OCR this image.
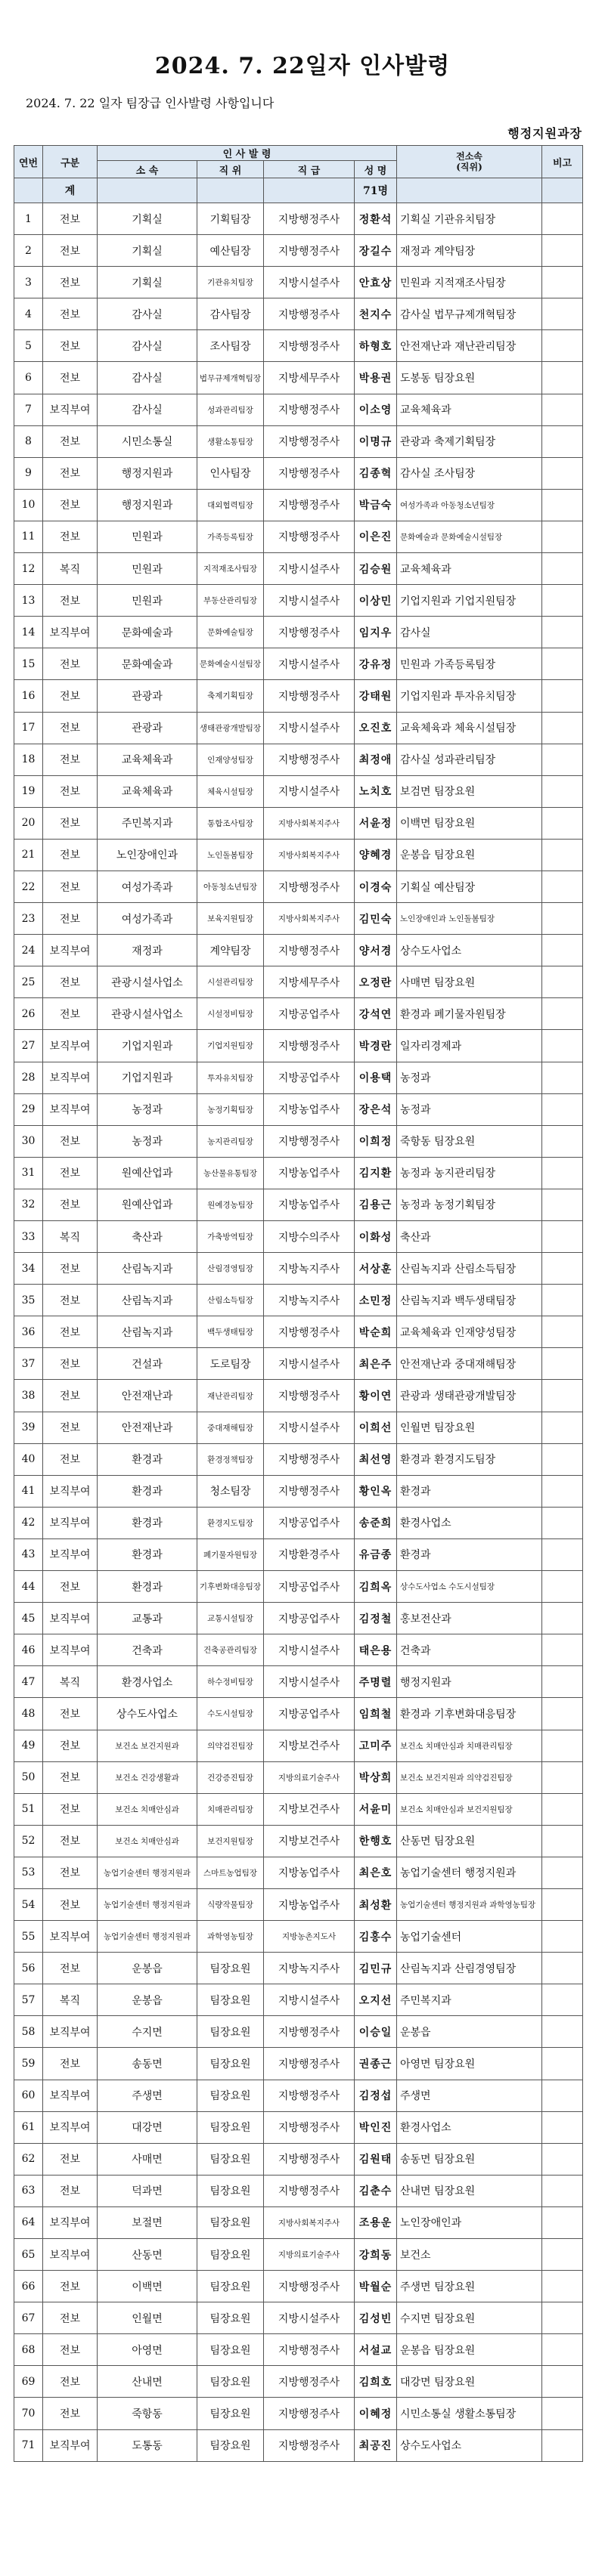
2024. 7. 22일자 인사발령
2024. 7. 22 일자 팀장급 인사발령 사항입니다
행정지원과장
연번	구분	인 사 발 령				전소속
(직위)	비고
		소 속	직 위	직 급	성 명		
	계				71명		
1	전보	기획실	기획팀장	지방행정주사	정환석	기획실 기관유치팀장	
2	전보	기획실	예산팀장	지방행정주사	장길수	재정과 계약팀장	
3	전보	기획실	기관유치팀장	지방시설주사	안효상	민원과 지적재조사팀장	
4	전보	감사실	감사팀장	지방행정주사	천지수	감사실 법무규제개혁팀장	
5	전보	감사실	조사팀장	지방행정주사	하형호	안전재난과 재난관리팀장	
6	전보	감사실	법무규제개혁팀장	지방세무주사	박용권	도봉동 팀장요원	
7	보직부여	감사실	성과관리팀장	지방행정주사	이소영	교육체육과	
8	전보	시민소통실	생활소통팀장	지방행정주사	이명규	관광과 축제기획팀장	
9	전보	행정지원과	인사팀장	지방행정주사	김종혁	감사실 조사팀장	
10	전보	행정지원과	대외협력팀장	지방행정주사	박금숙	여성가족과 아동청소년팀장	
11	전보	민원과	가족등록팀장	지방행정주사	이은진	문화예술과 문화예술시설팀장	
12	복직	민원과	지적재조사팀장	지방시설주사	김승원	교육체육과	
13	전보	민원과	부동산관리팀장	지방시설주사	이상민	기업지원과 기업지원팀장	
14	보직부여	문화예술과	문화예술팀장	지방행정주사	임지우	감사실	
15	전보	문화예술과	문화예술시설팀장	지방시설주사	강유정	민원과 가족등록팀장	
16	전보	관광과	축제기획팀장	지방행정주사	강태원	기업지원과 투자유치팀장	
17	전보	관광과	생태관광개발팀장	지방시설주사	오진호	교육체육과 체육시설팀장	
18	전보	교육체육과	인재양성팀장	지방행정주사	최정애	감사실 성과관리팀장	
19	전보	교육체육과	체육시설팀장	지방시설주사	노치호	보검면 팀장요원	
20	전보	주민복지과	통합조사팀장	지방사회복지주사	서윤정	이백면 팀장요원	
21	전보	노인장애인과	노인돌봄팀장	지방사회복지주사	양혜경	운봉읍 팀장요원	
22	전보	여성가족과	아동청소년팀장	지방행정주사	이경숙	기획실 예산팀장	
23	전보	여성가족과	보육지원팀장	지방사회복지주사	김민숙	노인장애인과 노인돌봄팀장	
24	보직부여	재정과	계약팀장	지방행정주사	양서경	상수도사업소	
25	전보	관광시설사업소	시설관리팀장	지방세무주사	오정란	사매면 팀장요원	
26	전보	관광시설사업소	시설정비팀장	지방공업주사	강석연	환경과 폐기물자원팀장	
27	보직부여	기업지원과	기업지원팀장	지방행정주사	박경란	일자리경제과	
28	보직부여	기업지원과	투자유치팀장	지방공업주사	이용택	농정과	
29	보직부여	농정과	농정기획팀장	지방농업주사	장은석	농정과	
30	전보	농정과	농지관리팀장	지방행정주사	이희정	죽항동 팀장요원	
31	전보	원예산업과	농산물유통팀장	지방농업주사	김지환	농정과 농지관리팀장	
32	전보	원예산업과	원예경농팀장	지방농업주사	김용근	농정과 농정기획팀장	
33	복직	축산과	가축방역팀장	지방수의주사	이화성	축산과	
34	전보	산림녹지과	산림경영팀장	지방녹지주사	서상훈	산림녹지과 산림소득팀장	
35	전보	산림녹지과	산림소득팀장	지방녹지주사	소민정	산림녹지과 백두생태팀장	
36	전보	산림녹지과	백두생태팀장	지방행정주사	박순희	교육체육과 인재양성팀장	
37	전보	건설과	도로팀장	지방시설주사	최은주	안전재난과 중대재해팀장	
38	전보	안전재난과	재난관리팀장	지방행정주사	황이연	관광과 생태관광개발팀장	
39	전보	안전재난과	중대재해팀장	지방시설주사	이희선	인월면 팀장요원	
40	전보	환경과	환경정책팀장	지방행정주사	최선영	환경과 환경지도팀장	
41	보직부여	환경과	청소팀장	지방행정주사	황인옥	환경과	
42	보직부여	환경과	환경지도팀장	지방공업주사	송준희	환경사업소	
43	보직부여	환경과	폐기물자원팀장	지방환경주사	유금종	환경과	
44	전보	환경과	기후변화대응팀장	지방공업주사	김희옥	상수도사업소 수도시설팀장	
45	보직부여	교통과	교통시설팀장	지방공업주사	김정철	홍보전산과	
46	보직부여	건축과	건축공관리팀장	지방시설주사	태은용	건축과	
47	복직	환경사업소	하수정비팀장	지방시설주사	주명렬	행정지원과	
48	전보	상수도사업소	수도시설팀장	지방공업주사	임희철	환경과 기후변화대응팀장	
49	전보	보건소 보건지원과	의약검진팀장	지방보건주사	고미주	보건소 치매안심과 치매관리팀장	
50	전보	보건소 건강생활과	건강증진팀장	지방의료기술주사	박상희	보건소 보건지원과 의약검진팀장	
51	전보	보건소 치매안심과	치매관리팀장	지방보건주사	서윤미	보건소 치매안심과 보건지원팀장	
52	전보	보건소 치매안심과	보건지원팀장	지방보건주사	한행호	산동면 팀장요원	
53	전보	농업기술센터 행정지원과	스마트농업팀장	지방농업주사	최은호	농업기술센터 행정지원과	
54	전보	농업기술센터 행정지원과	식량작물팀장	지방농업주사	최성환	농업기술센터 행정지원과 과학영농팀장	
55	보직부여	농업기술센터 행정지원과	과학영농팀장	지방농촌지도사	김홍수	농업기술센터	
56	전보	운봉읍	팀장요원	지방녹지주사	김민규	산림녹지과 산림경영팀장	
57	복직	운봉읍	팀장요원	지방시설주사	오지선	주민복지과	
58	보직부여	수지면	팀장요원	지방행정주사	이승일	운봉읍	
59	전보	송동면	팀장요원	지방행정주사	권종근	아영면 팀장요원	
60	보직부여	주생면	팀장요원	지방행정주사	김정섭	주생면	
61	보직부여	대강면	팀장요원	지방행정주사	박인진	환경사업소	
62	전보	사매면	팀장요원	지방행정주사	김원태	송동면 팀장요원	
63	전보	덕과면	팀장요원	지방행정주사	김춘수	산내면 팀장요원	
64	보직부여	보절면	팀장요원	지방사회복지주사	조용운	노인장애인과	
65	보직부여	산동면	팀장요원	지방의료기술주사	강희동	보건소	
66	전보	이백면	팀장요원	지방행정주사	박월순	주생면 팀장요원	
67	전보	인월면	팀장요원	지방시설주사	김성빈	수지면 팀장요원	
68	전보	아영면	팀장요원	지방행정주사	서설교	운봉읍 팀장요원	
69	전보	산내면	팀장요원	지방행정주사	김희호	대강면 팀장요원	
70	전보	죽항동	팀장요원	지방행정주사	이혜정	시민소통실 생활소통팀장	
71	보직부여	도통동	팀장요원	지방행정주사	최공진	상수도사업소	
